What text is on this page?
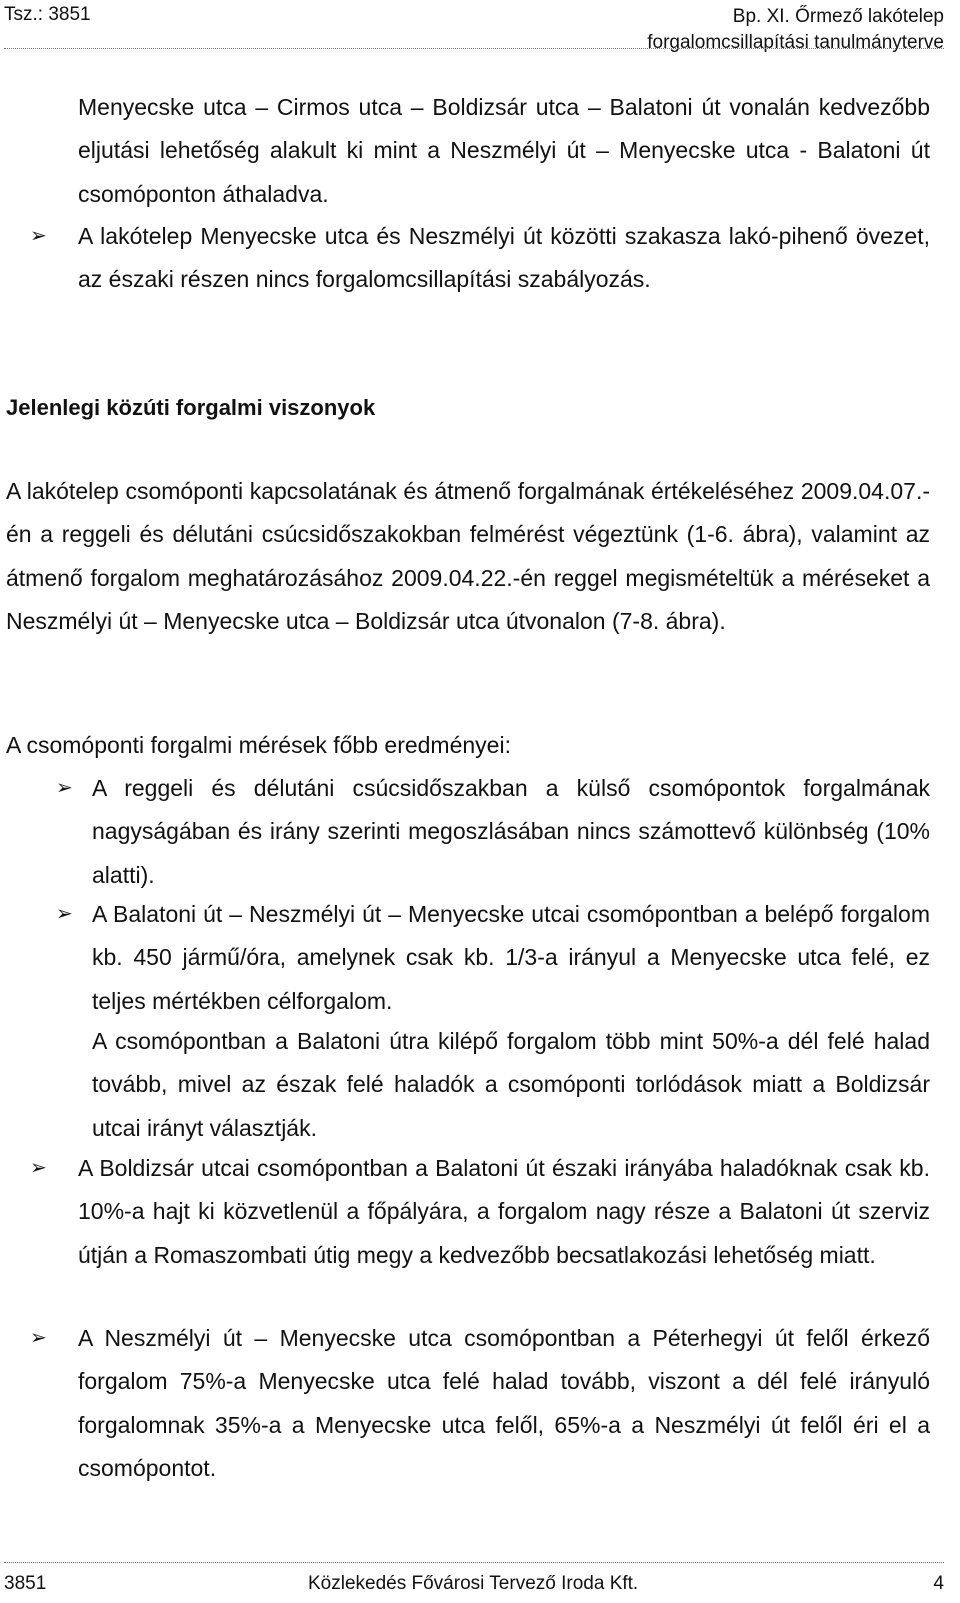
Tsz.: 3851	Bp. XI. Őrmező lakótelep
forgalomcsillapítási tanulmányterve
Menyecske utca – Cirmos utca – Boldizsár utca – Balatoni út vonalán kedvezőbb eljutási lehetőség alakult ki mint a Neszmélyi út – Menyecske utca - Balatoni út csomóponton áthaladva.
➢ A lakótelep Menyecske utca és Neszmélyi út közötti szakasza lakó-pihenő övezet, az északi részen nincs forgalomcsillapítási szabályozás.
Jelenlegi közúti forgalmi viszonyok
A lakótelep csomóponti kapcsolatának és átmenő forgalmának értékeléséhez 2009.04.07.-én a reggeli és délutáni csúcsidőszakokban felmérést végeztünk (1-6. ábra), valamint az átmenő forgalom meghatározásához 2009.04.22.-én reggel megismételtük a méréseket a Neszmélyi út – Menyecske utca – Boldizsár utca útvonalon (7-8. ábra).
A csomóponti forgalmi mérések főbb eredményei:
➢ A reggeli és délutáni csúcsidőszakban a külső csomópontok forgalmának nagyságában és irány szerinti megoszlásában nincs számottevő különbség (10% alatti).
➢ A Balatoni út – Neszmélyi út – Menyecske utcai csomópontban a belépő forgalom kb. 450 jármű/óra, amelynek csak kb. 1/3-a irányul a Menyecske utca felé, ez teljes mértékben célforgalom.
A csomópontban a Balatoni útra kilépő forgalom több mint 50%-a dél felé halad tovább, mivel az észak felé haladók a csomóponti torlódások miatt a Boldizsár utcai irányt választják.
➢ A Boldizsár utcai csomópontban a Balatoni út északi irányába haladóknak csak kb. 10%-a hajt ki közvetlenül a főpályára, a forgalom nagy része a Balatoni út szerviz útján a Romaszombati útig megy a kedvezőbb becsatlakozási lehetőség miatt.
➢ A Neszmélyi út – Menyecske utca csomópontban a Péterhegyi út felől érkező forgalom 75%-a Menyecske utca felé halad tovább, viszont a dél felé irányuló forgalomnak 35%-a a Menyecske utca felől, 65%-a a Neszmélyi út felől éri el a csomópontot.
3851	Közlekedés Fővárosi Tervező Iroda Kft.	4
